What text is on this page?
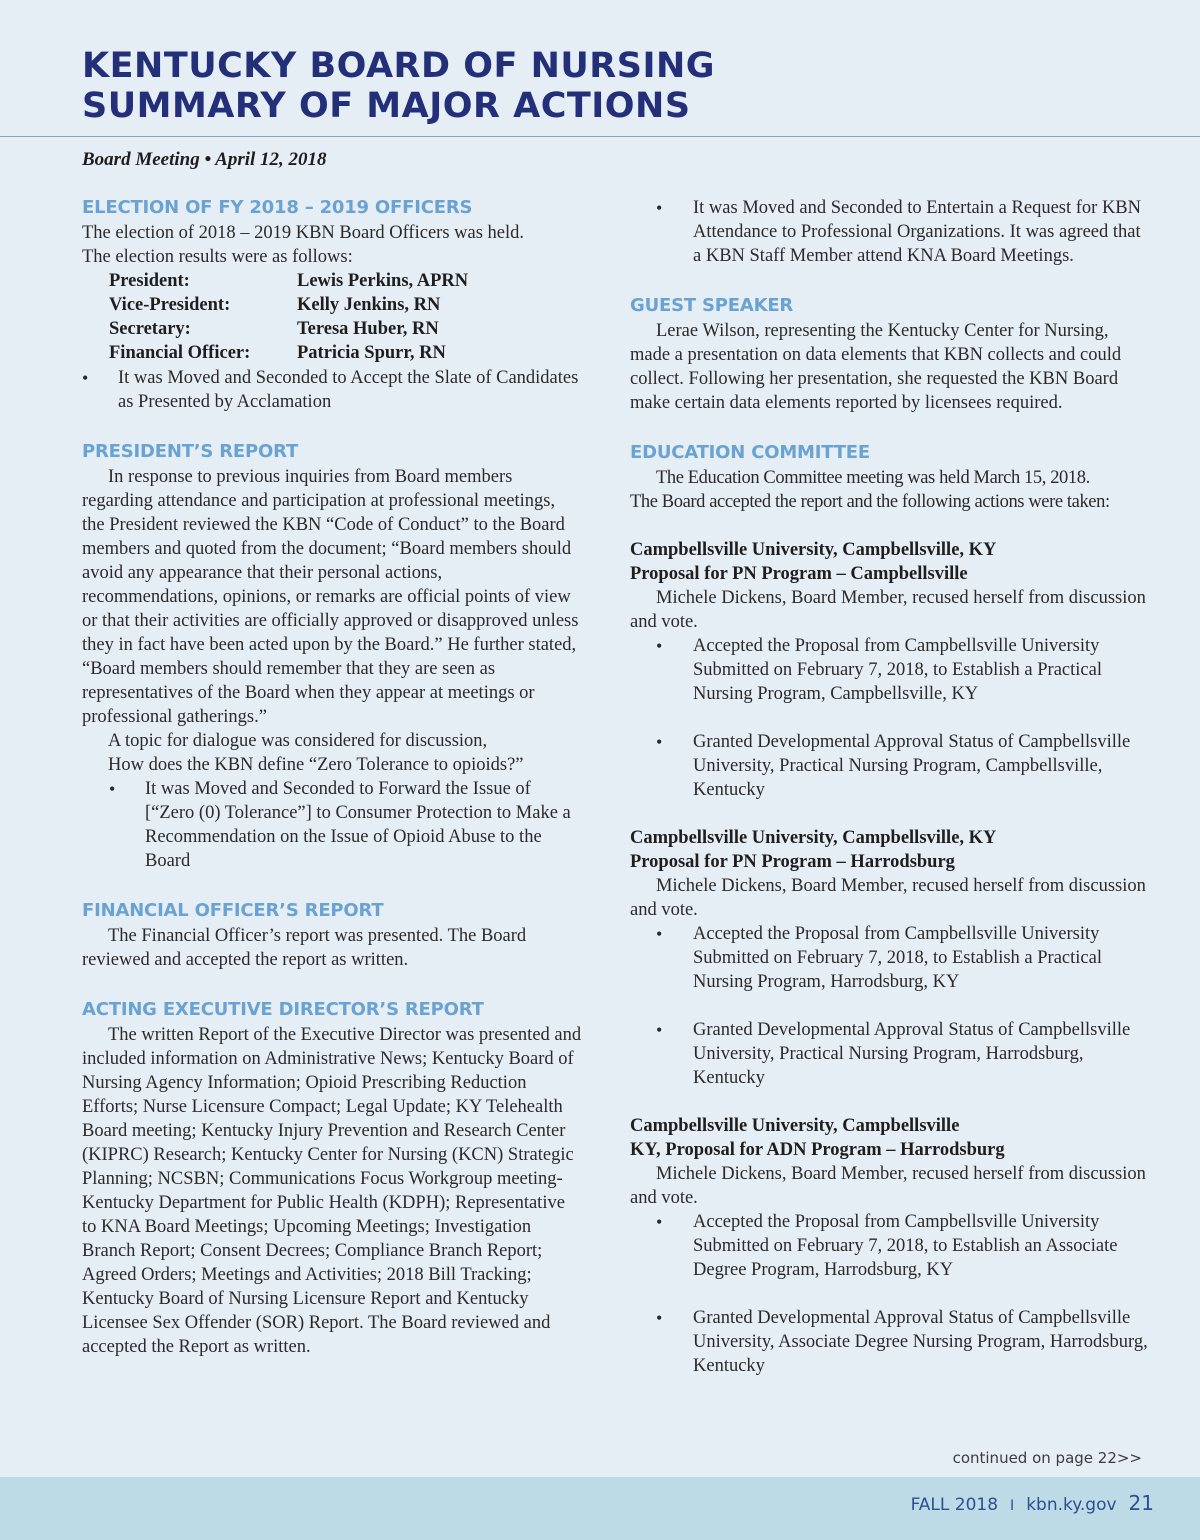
KENTUCKY BOARD OF NURSING
SUMMARY OF MAJOR ACTIONS
Board Meeting • April 12, 2018
ELECTION OF FY 2018 – 2019 OFFICERS
The election of 2018 – 2019 KBN Board Officers was held.
The election results were as follows:
President:	Lewis Perkins, APRN
Vice-President:	Kelly Jenkins, RN
Secretary:	Teresa Huber, RN
Financial Officer:	Patricia Spurr, RN
• It was Moved and Seconded to Accept the Slate of Candidates as Presented by Acclamation
PRESIDENT’S REPORT
In response to previous inquiries from Board members regarding attendance and participation at professional meetings, the President reviewed the KBN “Code of Conduct” to the Board members and quoted from the document; “Board members should avoid any appearance that their personal actions, recommendations, opinions, or remarks are official points of view or that their activities are officially approved or disapproved unless they in fact have been acted upon by the Board.” He further stated, “Board members should remember that they are seen as representatives of the Board when they appear at meetings or professional gatherings.”
A topic for dialogue was considered for discussion,
How does the KBN define “Zero Tolerance to opioids?”
• It was Moved and Seconded to Forward the Issue of [“Zero (0) Tolerance”] to Consumer Protection to Make a Recommendation on the Issue of Opioid Abuse to the Board
FINANCIAL OFFICER’S REPORT
The Financial Officer’s report was presented. The Board reviewed and accepted the report as written.
ACTING EXECUTIVE DIRECTOR’S REPORT
The written Report of the Executive Director was presented and included information on Administrative News; Kentucky Board of Nursing Agency Information; Opioid Prescribing Reduction Efforts; Nurse Licensure Compact; Legal Update; KY Telehealth Board meeting; Kentucky Injury Prevention and Research Center (KIPRC) Research; Kentucky Center for Nursing (KCN) Strategic Planning; NCSBN; Communications Focus Workgroup meeting-Kentucky Department for Public Health (KDPH); Representative to KNA Board Meetings; Upcoming Meetings; Investigation Branch Report; Consent Decrees; Compliance Branch Report; Agreed Orders; Meetings and Activities; 2018 Bill Tracking; Kentucky Board of Nursing Licensure Report and Kentucky Licensee Sex Offender (SOR) Report. The Board reviewed and accepted the Report as written.
• It was Moved and Seconded to Entertain a Request for KBN Attendance to Professional Organizations. It was agreed that a KBN Staff Member attend KNA Board Meetings.
GUEST SPEAKER
Lerae Wilson, representing the Kentucky Center for Nursing, made a presentation on data elements that KBN collects and could collect. Following her presentation, she requested the KBN Board make certain data elements reported by licensees required.
EDUCATION COMMITTEE
The Education Committee meeting was held March 15, 2018.
The Board accepted the report and the following actions were taken:
Campbellsville University, Campbellsville, KY
Proposal for PN Program – Campbellsville
Michele Dickens, Board Member, recused herself from discussion and vote.
• Accepted the Proposal from Campbellsville University Submitted on February 7, 2018, to Establish a Practical Nursing Program, Campbellsville, KY
• Granted Developmental Approval Status of Campbellsville University, Practical Nursing Program, Campbellsville, Kentucky
Campbellsville University, Campbellsville, KY
Proposal for PN Program – Harrodsburg
Michele Dickens, Board Member, recused herself from discussion and vote.
• Accepted the Proposal from Campbellsville University Submitted on February 7, 2018, to Establish a Practical Nursing Program, Harrodsburg, KY
• Granted Developmental Approval Status of Campbellsville University, Practical Nursing Program, Harrodsburg, Kentucky
Campbellsville University, Campbellsville
KY, Proposal for ADN Program – Harrodsburg
Michele Dickens, Board Member, recused herself from discussion and vote.
• Accepted the Proposal from Campbellsville University Submitted on February 7, 2018, to Establish an Associate Degree Program, Harrodsburg, KY
• Granted Developmental Approval Status of Campbellsville University, Associate Degree Nursing Program, Harrodsburg, Kentucky
continued on page 22>>
FALL 2018 I kbn.ky.gov 21
